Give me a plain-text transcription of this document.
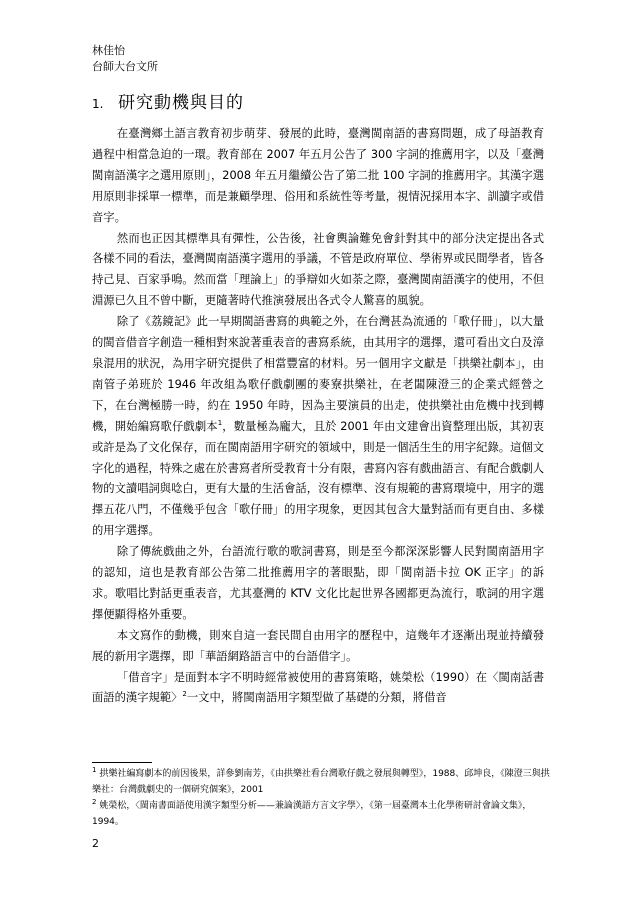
林佳怡
台師大台文所
1. 研究動機與目的

在臺灣鄉土語言教育初步萌芽、發展的此時，臺灣閩南語的書寫問題，成了母語教育過程中相當急迫的一環。教育部在 2007 年五月公告了 300 字詞的推薦用字，以及「臺灣閩南語漢字之選用原則」，2008 年五月繼續公告了第二批 100 字詞的推薦用字。其漢字選用原則非採單一標準，而是兼顧學理、俗用和系統性等考量，視情況採用本字、訓讀字或借音字。

然而也正因其標準具有彈性，公告後，社會輿論難免會針對其中的部分決定提出各式各樣不同的看法，臺灣閩南語漢字選用的爭議，不管是政府單位、學術界或民間學者，皆各持己見、百家爭鳴。然而當「理論上」的爭辯如火如荼之際，臺灣閩南語漢字的使用，不但淵源已久且不曾中斷，更隨著時代推演發展出各式令人驚喜的風貌。

除了《荔鏡記》此一早期閩語書寫的典範之外，在台灣甚為流通的「歌仔冊」，以大量的閩音借音字創造一種相對來說著重表音的書寫系統，由其用字的選擇，還可看出文白及漳泉混用的狀況，為用字研究提供了相當豐富的材料。另一個用字文獻是「拱樂社劇本」，由南管子弟班於 1946 年改組為歌仔戲劇團的麥寮拱樂社，在老闆陳澄三的企業式經營之下，在台灣極勝一時，約在 1950 年時，因為主要演員的出走，使拱樂社由危機中找到轉機，開始編寫歌仔戲劇本$^1$，數量極為龐大，且於 2001 年由文建會出資整理出版，其初衷或許是為了文化保存，而在閩南語用字研究的領域中，則是一個活生生的用字紀錄。這個文字化的過程，特殊之處在於書寫者所受教育十分有限，書寫內容有戲曲語言、有配合戲劇人物的文讀唱詞與唸白，更有大量的生活會話，沒有標準、沒有規範的書寫環境中，用字的選擇五花八門，不僅幾乎包含「歌仔冊」的用字現象，更因其包含大量對話而有更自由、多樣的用字選擇。

除了傳統戲曲之外，台語流行歌的歌詞書寫，則是至今都深深影響人民對閩南語用字的認知，這也是教育部公告第二批推薦用字的著眼點，即「閩南語卡拉 OK 正字」的訴求。歌唱比對話更重表音，尤其臺灣的 KTV 文化比起世界各國都更為流行，歌詞的用字選擇便顯得格外重要。

本文寫作的動機，則來自這一套民間自由用字的歷程中，這幾年才逐漸出現並持續發展的新用字選擇，即「華語網路語言中的台語借字」。

「借音字」是面對本字不明時經常被使用的書寫策略，姚榮松（1990）在〈閩南話書面語的漢字規範〉$^2$一文中，將閩南語用字類型做了基礎的分類，將借音

$^1$ 拱樂社編寫劇本的前因後果，詳參劉南芳，《由拱樂社看台灣歌仔戲之發展與轉型》，1988、邱坤良，《陳澄三與拱樂社：台灣戲劇史的一個研究個案》，2001
$^2$ 姚榮松，〈閩南書面語使用漢字類型分析——兼論漢語方言文字學〉，《第一屆臺灣本土化學術研討會論文集》，1994。
2
